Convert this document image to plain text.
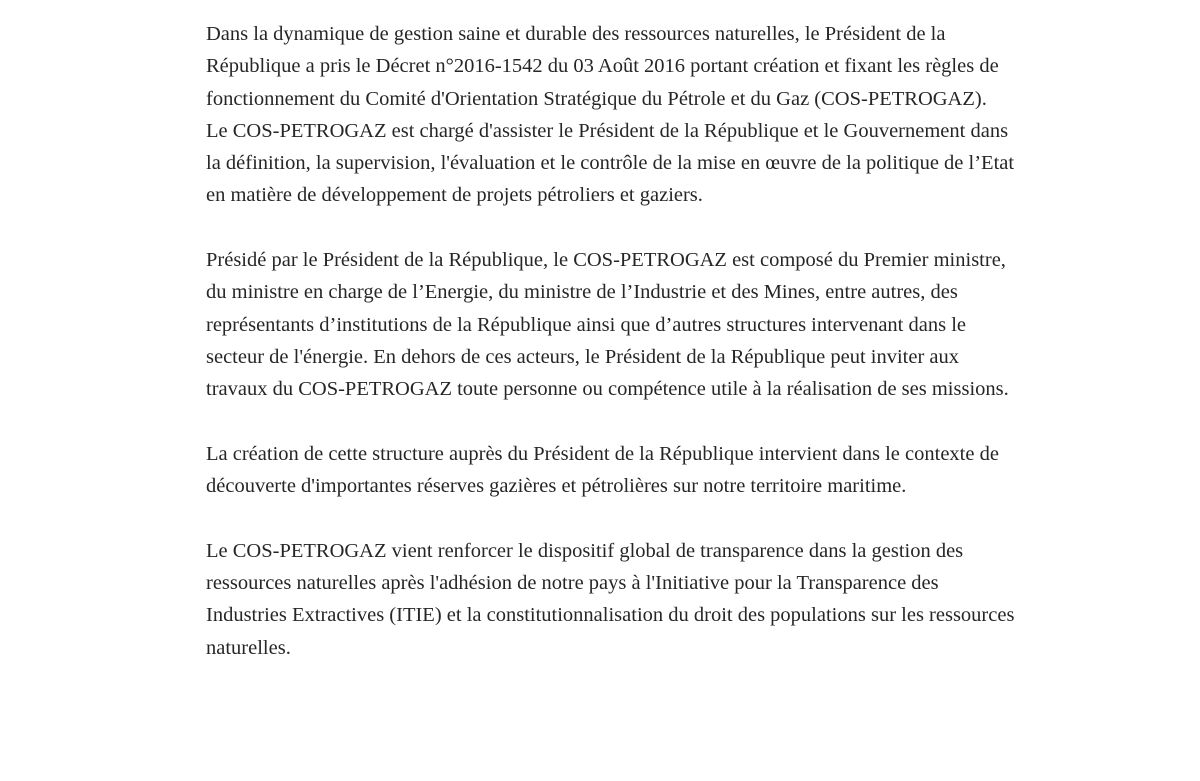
Dans la dynamique de gestion saine et durable des ressources naturelles, le Président de la République a pris le Décret n°2016-1542 du 03 Août 2016 portant création et fixant les règles de fonctionnement du Comité d'Orientation Stratégique du Pétrole et du Gaz (COS-PETROGAZ).

Le COS-PETROGAZ est chargé d'assister le Président de la République et le Gouvernement dans la définition, la supervision, l'évaluation et le contrôle de la mise en œuvre de la politique de l’Etat en matière de développement de projets pétroliers et gaziers.

Présidé par le Président de la République, le COS-PETROGAZ est composé du Premier ministre, du ministre en charge de l’Energie, du ministre de l’Industrie et des Mines, entre autres, des représentants d’institutions de la République ainsi que d’autres structures intervenant dans le secteur de l'énergie. En dehors de ces acteurs, le Président de la République peut inviter aux travaux du COS-PETROGAZ toute personne ou compétence utile à la réalisation de ses missions.

La création de cette structure auprès du Président de la République intervient dans le contexte de découverte d'importantes réserves gazières et pétrolières sur notre territoire maritime.

Le COS-PETROGAZ vient renforcer le dispositif global de transparence dans la gestion des ressources naturelles après l'adhésion de notre pays à l'Initiative pour la Transparence des Industries Extractives (ITIE) et la constitutionnalisation du droit des populations sur les ressources naturelles.
